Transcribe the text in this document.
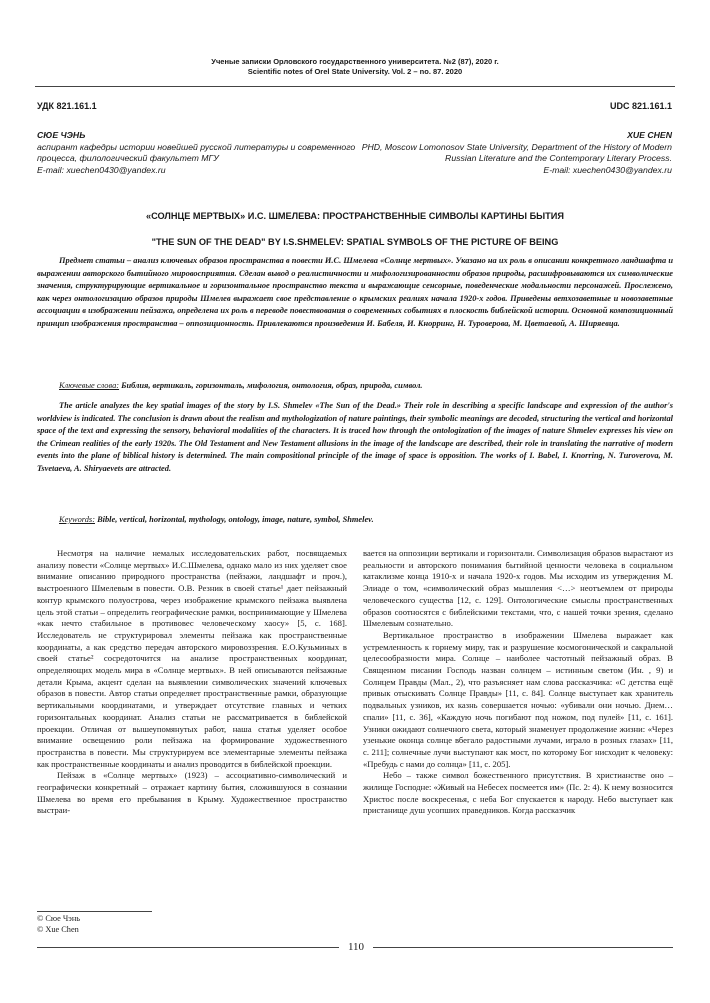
Ученые записки Орловского государственного университета. №2 (87), 2020 г.
Scientific notes of Orel State University. Vol. 2 – no. 87. 2020
УДК 821.161.1	UDC 821.161.1
СЮЕ ЧЭНЬ
аспирант кафедры истории новейшей русской литературы и современного процесса, филологический факультет МГУ
E-mail: xuechen0430@yandex.ru
XUE CHEN
PHD, Moscow Lomonosov State University, Department of the History of Modern Russian Literature and the Contemporary Literary Process.
E-mail: xuechen0430@yandex.ru
«СОЛНЦЕ МЕРТВЫХ» И.С. ШМЕЛЕВА: ПРОСТРАНСТВЕННЫЕ СИМВОЛЫ КАРТИНЫ БЫТИЯ
"THE SUN OF THE DEAD" BY I.S.SHMELEV: SPATIAL SYMBOLS OF THE PICTURE OF BEING
Предмет статьи – анализ ключевых образов пространства в повести И.С. Шмелева «Солнце мертвых». Указано на их роль в описании конкретного ландшафта и выражении авторского бытийного мировосприятия. Сделан вывод о реалистичности и мифологизированности образов природы, расшифровываются их символические значения, структурирующие вертикальное и горизонтальное пространство текста и выражающие сенсорные, поведенческие модальности персонажей. Прослежено, как через онтологизацию образов природы Шмелев выражает свое представление о крымских реалиях начала 1920-х годов. Приведены ветхозаветные и новозаветные ассоциации в изображении пейзажа, определена их роль в переводе повествования о современных событиях в плоскость библейской истории. Основной композиционный принцип изображения пространства – оппозиционность. Привлекаются произведения И. Бабеля, И. Кнорринг, Н. Туроверова, М. Цветаевой, А. Ширяевца.
Ключевые слова: Библия, вертикаль, горизонталь, мифология, онтология, образ, природа, символ.
The article analyzes the key spatial images of the story by I.S. Shmelev «The Sun of the Dead.» Their role in describing a specific landscape and expression of the author's worldview is indicated. The conclusion is drawn about the realism and mythologization of nature paintings, their symbolic meanings are decoded, structuring the vertical and horizontal space of the text and expressing the sensory, behavioral modalities of the characters. It is traced how through the ontologization of the images of nature Shmelev expresses his view on the Crimean realities of the early 1920s. The Old Testament and New Testament allusions in the image of the landscape are described, their role in translating the narrative of modern events into the plane of biblical history is determined. The main compositional principle of the image of space is opposition. The works of I. Babel, I. Knorring, N. Turoverova, M. Tsvetaeva, A. Shiryaevets are attracted.
Keywords: Bible, vertical, horizontal, mythology, ontology, image, nature, symbol, Shmelev.

Несмотря на наличие немалых исследовательских работ, посвящаемых анализу повести «Солнце мертвых» И.С.Шмелева, однако мало из них уделяет свое внимание описанию природного пространства (пейзажи, ландшафт и проч.), выстроенного Шмелевым в повести. О.В. Резник в своей статье¹ дает пейзажный контур крымского полуострова, через изображение крымского пейзажа выявлена цель этой статьи – определить географические рамки, воспринимающие у Шмелева «как нечто стабильное в противовес человеческому хаосу» [5, с. 168]. Исследователь не структурировал элементы пейзажа как пространственные координаты, а как средство передач авторского мировоззрения. Е.О.Кузьминых в своей статье² сосредоточится на анализе пространственных координат, определяющих модель мира в «Солнце мертвых». В ней описываются пейзажные детали Крыма, акцент сделан на выявлении символических значений ключевых образов в повести. Автор статьи определяет пространственные рамки, образующие вертикальными координатами, и утверждает отсутствие главных и четких горизонтальных координат. Анализ статьи не рассматривается в библейской проекции. Отличая от вышеупомянутых работ, наша статья уделяет особое внимание освещению роли пейзажа на формирование художественного пространства в повести. Мы структурируем все элементарные элементы пейзажа как пространственные координаты и анализ проводится в библейской проекции.

Пейзаж в «Солнце мертвых» (1923) – ассоциативно-символический и географически конкретный – отражает картину бытия, сложившуюся в сознании Шмелева во время его пребывания в Крыму. Художественное пространство выстраи-

вается на оппозиции вертикали и горизонтали. Символизация образов вырастают из реальности и авторского понимания бытийной ценности человека в социальном катаклизме конца 1910-х и начала 1920-х годов. Мы исходим из утверждения М. Элиаде о том, «символический образ мышления <…> неотъемлем от природы человеческого существа [12, с. 129]. Онтологические смыслы пространственных образов соотносятся с библейскими текстами, что, с нашей точки зрения, сделано Шмелевым сознательно.

Вертикальное пространство в изображении Шмелева выражает как устремленность к горнему миру, так и разрушение космогонической и сакральной целесообразности мира. Солнце – наиболее частотный пейзажный образ. В Священном писании Господь назван солнцем – истинным светом (Ин. , 9) и Солнцем Правды (Мал., 2), что разъясняет нам слова рассказчика: «С детства ещё привык отыскивать Солнце Правды» [11, с. 84]. Солнце выступает как хранитель подвальных узников, их казнь совершается ночью: «убивали они ночью. Днем… спали» [11, с. 36], «Каждую ночь погибают под ножом, под пулей» [11, с. 161]. Узники ожидают солнечного света, который знаменует продолжение жизни: «Через узенькие оконца солнце вбегало радостными лучами, играло в розных глазах» [11, с. 211]; солнечные лучи выступают как мост, по которому Бог нисходит к человеку: «Пребудь с нами до солнца» [11, с. 205].

Небо – также символ божественного присутствия. В христианстве оно – жилище Господне: «Живый на Небесех посмеется им» (Пс. 2: 4). К нему возносится Христос после воскресенья, с неба Бог спускается к народу. Небо выступает как пристанище душ усопших праведников. Когда рассказчик

© Сюе Чэнь
© Xue Chen
110
